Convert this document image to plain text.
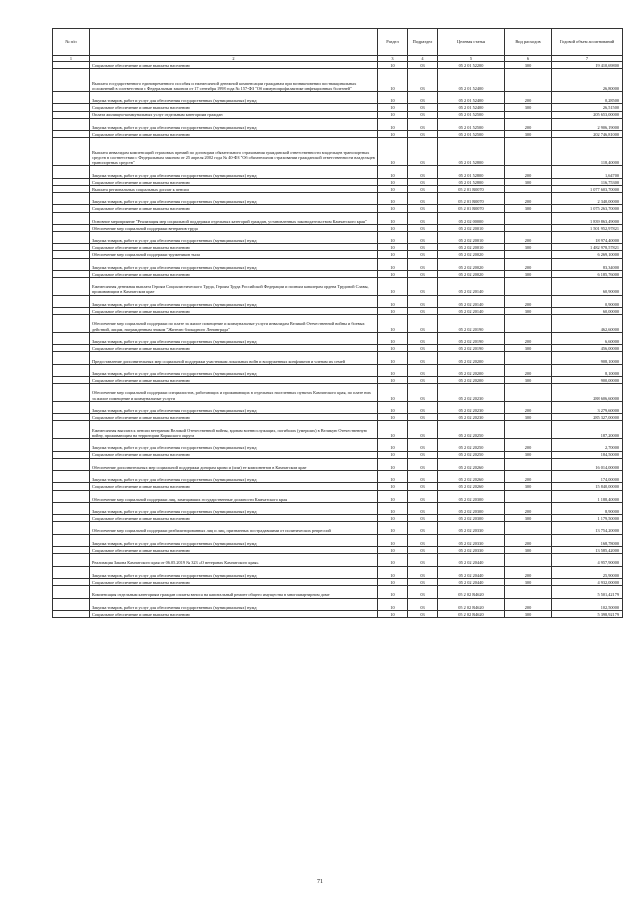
№ п/п		Раздел	Подраздел	Целевая статья	Вид расходов	Годовой объем ассигнований
1	2	3	4	5	6	7
	Социальное обеспечение и иные выплаты населению	10	03	05 2 01 52200	300	19 410,69800
	Выплата государственного единовременного пособия и ежемесячной денежной компенсации гражданам при возникновении поствакцинальных осложнений в соответствии с Федеральным законом от 17 сентября 1998 года № 157-ФЗ "Об иммунопрофилактике инфекционных болезней"	10	03	05 2 01 52400		26,80000
	Закупка товаров, работ и услуг для обеспечения государственных (муниципальных) нужд	10	03	05 2 01 52400	200	0,28500
	Социальное обеспечение и иные выплаты населению	10	03	05 2 01 52400	300	26,51500
	Оплата жилищно-коммунальных услуг отдельным категориям граждан	10	03	05 2 01 52500		205 653,00000
	Закупка товаров, работ и услуг для обеспечения государственных (муниципальных) нужд	10	03	05 2 01 52500	200	2 906,19000
	Социальное обеспечение и иные выплаты населению	10	03	05 2 01 52500	300	202 746,81000
	Выплата инвалидам компенсаций страховых премий по договорам обязательного страхования гражданской ответственности владельцев транспортных средств в соответствии с Федеральным законом от 25 апреля 2002 года № 40-ФЗ "Об обязательном страховании гражданской ответственности владельцев транспортных средств"	10	03	05 2 01 52800		118,40000
	Закупка товаров, работ и услуг для обеспечения государственных (муниципальных) нужд	10	03	05 2 01 52800	200	1,64700
	Социальное обеспечение и иные выплаты населению	10	03	05 2 01 52800	300	116,75300
	Выплата региональных социальных доплат к пенсии	10	03	05 2 01 R0070		1 077 603,70000
	Закупка товаров, работ и услуг для обеспечения государственных (муниципальных) нужд	10	03	05 2 01 R0070	200	2 340,00000
	Социальное обеспечение и иные выплаты населению	10	03	05 2 01 R0070	300	1 075 263,70000
	Основное мероприятие "Реализация мер социальной поддержки отдельных категорий граждан, установленных законодательством Камчатского края"	10	03	05 2 02 00000		1 839 863,49000
	Обеспечение мер социальной поддержки ветеранов труда	10	03	05 2 02 20010		1 501 952,97821
	Закупка товаров, работ и услуг для обеспечения государственных (муниципальных) нужд	10	03	05 2 02 20010	200	18 974,40000
	Социальное обеспечение и иные выплаты населению	10	03	05 2 02 20010	300	1 482 978,57821
	Обеспечение мер социальной поддержки тружеников тыла	10	03	05 2 02 20020		6 269,10000
	Закупка товаров, работ и услуг для обеспечения государственных (муниципальных) нужд	10	03	05 2 02 20020	200	83,34000
	Социальное обеспечение и иные выплаты населению	10	03	05 2 02 20020	300	6 185,76000
	Ежемесячная денежная выплата Героям Социалистического Труда, Героям Труда Российской Федерации и полным кавалерам ордена Трудовой Славы, проживающим в Камчатском крае	10	03	05 2 02 20140		60,90000
	Закупка товаров, работ и услуг для обеспечения государственных (муниципальных) нужд	10	03	05 2 02 20140	200	0,90000
	Социальное обеспечение и иные выплаты населению	10	03	05 2 02 20140	300	60,00000
	Обеспечение мер социальной поддержки по плате за жилое помещение и коммунальные услуги инвалидам Великой Отечественной войны и боевых действий, лицам, награжденным знаком "Жителю блокадного Ленинграда"	10	03	05 2 02 20190		462,60000
	Закупка товаров, работ и услуг для обеспечения государственных (муниципальных) нужд	10	03	05 2 02 20190	200	6,60000
	Социальное обеспечение и иные выплаты населению	10	03	05 2 02 20190	300	456,00000
	Предоставление дополнительных мер социальной поддержки участникам локальных войн и вооруженных конфликтов и членам их семей	10	03	05 2 02 20200		908,10000
	Закупка товаров, работ и услуг для обеспечения государственных (муниципальных) нужд	10	03	05 2 02 20200	200	8,10000
	Социальное обеспечение и иные выплаты населению	10	03	05 2 02 20200	300	900,00000
	Обеспечение мер социальной поддержки специалистов, работающих и проживающих в отдельных населенных пунктах Камчатского края, по плате них за жилое помещение и коммунальные услуги	10	03	05 2 02 20230		288 606,60000
	Закупка товаров, работ и услуг для обеспечения государственных (муниципальных) нужд	10	03	05 2 02 20230	200	3 279,60000
	Социальное обеспечение и иные выплаты населению	10	03	05 2 02 20230	300	285 327,00000
	Ежемесячная выплата к пенсии ветеранам Великой Отечественной войны, вдовам военнослужащих, погибших (умерших) в Великую Отечественную войну, проживающим на территории Корякского округа	10	03	05 2 02 20250		187,20000
	Закупка товаров, работ и услуг для обеспечения государственных (муниципальных) нужд	10	03	05 2 02 20250	200	2,70000
	Социальное обеспечение и иные выплаты населению	10	03	05 2 02 20250	300	184,50000
	Обеспечение дополнительных мер социальной поддержки донорам крови и (или) ее компонентов в Камчатском крае	10	03	05 2 02 20260		16 014,00000
	Закупка товаров, работ и услуг для обеспечения государственных (муниципальных) нужд	10	03	05 2 02 20260	200	174,00000
	Социальное обеспечение и иные выплаты населению	10	03	05 2 02 20260	300	15 840,00000
	Обеспечение мер социальной поддержки лиц, замещавших государственные должности Камчатского края	10	03	05 2 02 20300		1 188,40000
	Закупка товаров, работ и услуг для обеспечения государственных (муниципальных) нужд	10	03	05 2 02 20300	200	8,90000
	Социальное обеспечение и иные выплаты населению	10	03	05 2 02 20300	300	1 179,50000
	Обеспечение мер социальной поддержки реабилитированных лиц и лиц, признанных пострадавшими от политических репрессий	10	03	05 2 02 20330		13 754,20000
	Закупка товаров, работ и услуг для обеспечения государственных (муниципальных) нужд	10	03	05 2 02 20330	200	168,78000
	Социальное обеспечение и иные выплаты населению	10	03	05 2 02 20330	300	13 585,42000
	Реализация Закона Камчатского края от 06.05.2019 № 323 «О ветеранах Камчатского края»	10	03	05 2 02 20440		4 957,90000
	Закупка товаров, работ и услуг для обеспечения государственных (муниципальных) нужд	10	03	05 2 02 20440	200	25,90000
	Социальное обеспечение и иные выплаты населению	10	03	05 2 02 20440	300	4 932,00000
	Компенсация отдельным категориям граждан оплаты взноса на капитальный ремонт общего имущества в многоквартирном доме	10	03	05 2 02 R4620		5 501,42179
	Закупка товаров, работ и услуг для обеспечения государственных (муниципальных) нужд	10	03	05 2 02 R4620	200	102,50000
	Социальное обеспечение и иные выплаты населению	10	03	05 2 02 R4620	300	5 398,92179
71
